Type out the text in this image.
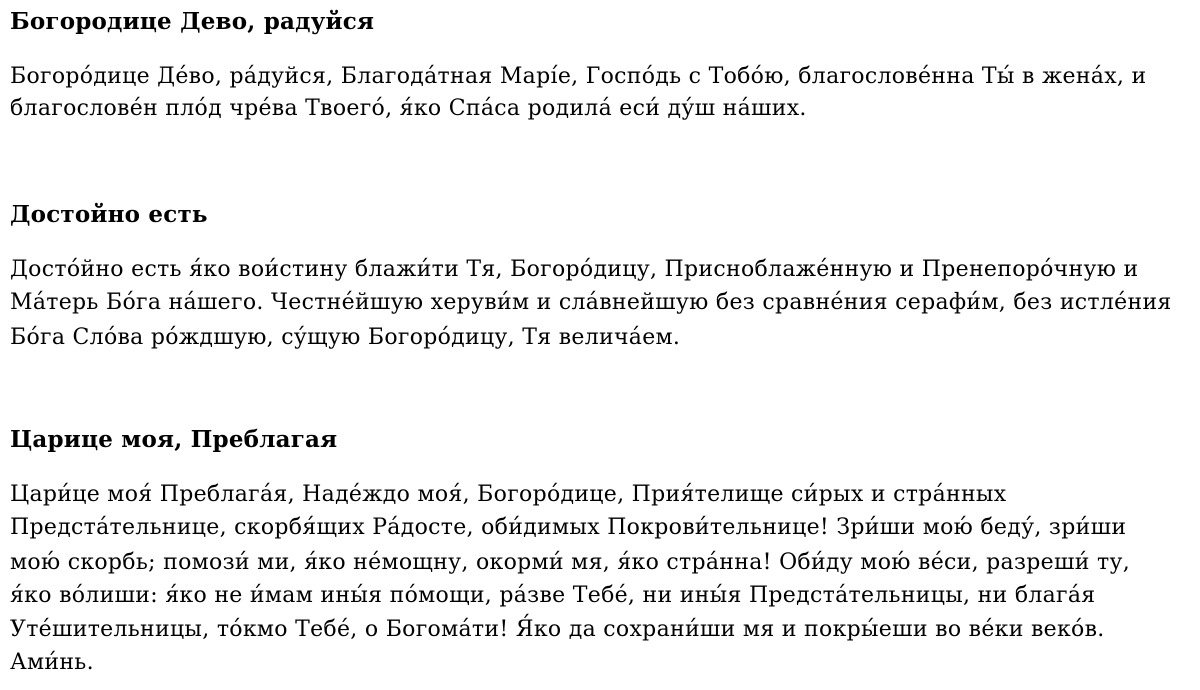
Богородице Дево, радуйся

Богоро́дице Де́во, ра́дуйся, Благода́тная Марı́е, Госпо́дь с Тобо́ю, благослове́нна Ты́ в жена́х, и

благослове́н пло́д чре́ва Твоего́, я́ко Спа́са родила́ еси́ ду́ш на́ших.

Достойно есть

Досто́йно есть я́ко вои́стину блажи́ти Тя, Богоро́дицу, Присноблаже́нную и Пренепоро́чную и

Ма́терь Бо́га на́шего. Честне́йшую херуви́м и сла́внейшую без сравне́ния серафи́м, без истле́ния

Бо́га Сло́ва ро́ждшую, су́щую Богоро́дицу, Тя велича́ем.

Царице моя, Преблагая

Цари́це моя́ Преблага́я, Наде́ждо моя́, Богоро́дице, Прия́телище си́рых и стра́нных

Предста́тельнице, скорбя́щих Ра́досте, оби́димых Покрови́тельнице! Зри́ши мою́ беду́, зри́ши

мою́ скорбь; помози́ ми, я́ко не́мощну, окорми́ мя, я́ко стра́нна! Оби́ду мою́ ве́си, разреши́ ту,

я́ко во́лиши: я́ко не и́мам ины́я по́мощи, ра́зве Тебе́, ни ины́я Предста́тельницы, ни блага́я

Уте́шительницы, то́кмо Тебе́, о Богома́ти! Я́ко да сохрани́ши мя и покры́еши во ве́ки веко́в.

Ами́нь.
